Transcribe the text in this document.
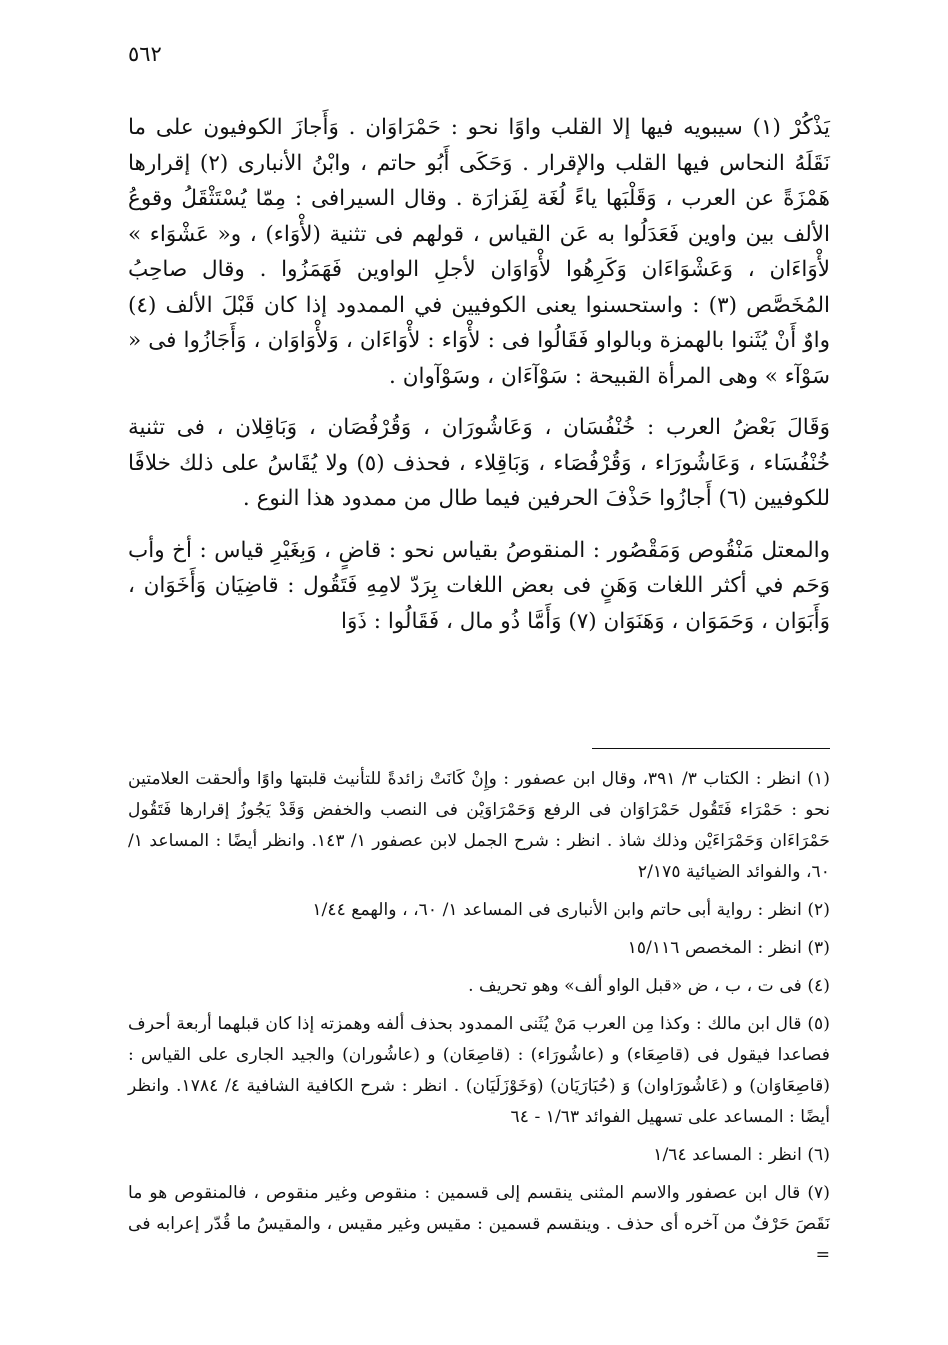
٥٦٢

يَذْكُرْ (١) سيبويه فيها إلا القلب واوًا نحو : حَمْرَاوَان . وَأَجازَ الكوفيون على ما نَقَلَهُ النحاس فيها القلب والإقرار . وَحَكَى أَبُو حاتم ، وابْنُ الأنبارى (٢) إقرارها هَمْزَةً عن العرب ، وَقَلْبَها ياءً لُغَة لِفَزارَة . وقال السيرافى : مِمّا يُسْتَثْقَلُ وقوعُ الألف بين واوين فَعَدَلُوا به عَن القياس ، قولهم فى تثنية (لأْوَاء) ، و« عَشْوَاء » لأْوَاءَان ، وَعَشْوَاءَان وَكَرِهُوا لأْوَاوَان لأجلِ الواوين فَهَمَزُوا . وقال صاحِبُ المُخَصَّص (٣) : واستحسنوا يعنى الكوفيين في الممدود إذا كان قَبْلَ الألف (٤) واوٌ أَنْ يُثَنوا بالهمزة وبالواو فَقَالُوا فى : لأْوَاء : لأْوَاءَان ، وَلأْوَاوَان ، وَأَجَازُوا فى « سَوْآء » وهى المرأة القبيحة : سَوْآءَان ، وسَوْآوان .

وَقَالَ بَعْضُ العرب : خُنْفُسَان ، وَعَاشُورَان ، وَقُرْفُصَان ، وَبَاقِلان ، فى تثنية خُنْفُسَاء ، وَعَاشُورَاء ، وَقُرْفُصَاء ، وَبَاقِلاء ، فحذف (٥) ولا يُقَاسُ على ذلك خلافًا للكوفيين (٦) أَجازُوا حَذْفَ الحرفين فيما طال من ممدود هذا النوع .

والمعتل مَنْقُوص وَمَقْصُور : المنقوصُ بقياس نحو : قاضٍ ، وَبِغَيْرِ قياس : أخ وأب وَحَم في أكثر اللغات وَهَنٍ فى بعض اللغات بِرَدّ لامِهِ فَتَقُول : قاضِيَان وَأَخَوَان ، وَأَبَوَان ، وَحَمَوَان ، وَهَنَوَان (٧) وَأَمَّا ذُو مال ، فَقَالُوا : ذَوَا

(١) انظر : الكتاب ٣/ ٣٩١، وقال ابن عصفور : وإِنْ كَانَتْ زائدةً للتأنيث قلبتها واوًا وألحقت العلامتين نحو : حَمْرَاء فَتَقُول حَمْرَاوَان فى الرفع وَحَمْرَاوَيْن فى النصب والخفض وَقَدْ يَجُوزُ إقرارها فَتَقُول حَمْرَاءَان وَحَمْرَاءَيْن وذلك شاذ . انظر : شرح الجمل لابن عصفور ١/ ١٤٣. وانظر أيضًا : المساعد ١/ ٦٠، والفوائد الضيائية ٢/١٧٥

(٢) انظر : رواية أبى حاتم وابن الأنبارى فى المساعد ١/ ٦٠، ، والهمع ١/٤٤

(٣) انظر : المخصص ١٥/١١٦

(٤) فى ت ، ب ، ض «قبل الواو ألف» وهو تحريف .

(٥) قال ابن مالك : وكذا مِن العرب مَنْ يُثَنى الممدود بحذف ألفه وهمزته إذا كان قبلهما أربعة أحرف فصاعدا فيقول فى (قاصِعَاء) و (عاشُورَاء) : (قاصِعَان) و (عاشُوران) والجيد الجارى على القياس : (قاصِعَاوَان) و (عَاشُورَاوان) وَ (حُبَارَيَان) (وَخَوْزَلَيَان) . انظر : شرح الكافية الشافية ٤/ ١٧٨٤. وانظر أيضًا : المساعد على تسهيل الفوائد ١/٦٣ - ٦٤

(٦) انظر : المساعد ١/٦٤

(٧) قال ابن عصفور والاسم المثنى ينقسم إلى قسمين : منقوص وغير منقوص ، فالمنقوص هو ما نَقَصَ حَرْفٌ من آخره أى حذف . وينقسم قسمين : مقيس وغير مقيس ، والمقيسُ ما قُدّر إعرابه فى =
